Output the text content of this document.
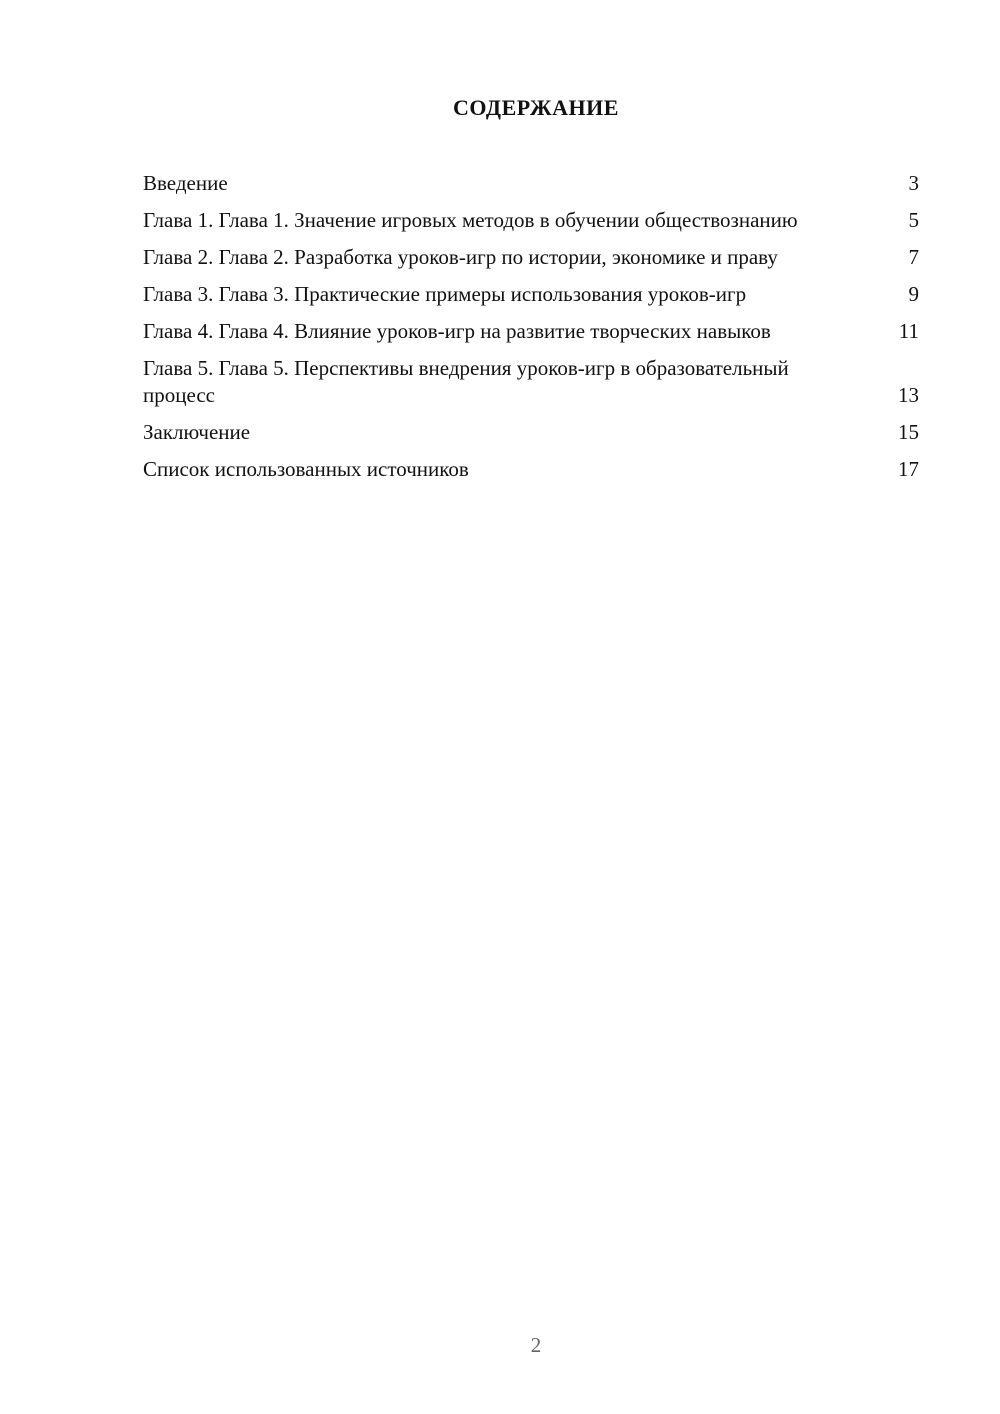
СОДЕРЖАНИЕ
Введение	3
Глава 1. Глава 1. Значение игровых методов в обучении обществознанию	5
Глава 2. Глава 2. Разработка уроков-игр по истории, экономике и праву	7
Глава 3. Глава 3. Практические примеры использования уроков-игр	9
Глава 4. Глава 4. Влияние уроков-игр на развитие творческих навыков	11
Глава 5. Глава 5. Перспективы внедрения уроков-игр в образовательный процесс	13
Заключение	15
Список использованных источников	17
2
